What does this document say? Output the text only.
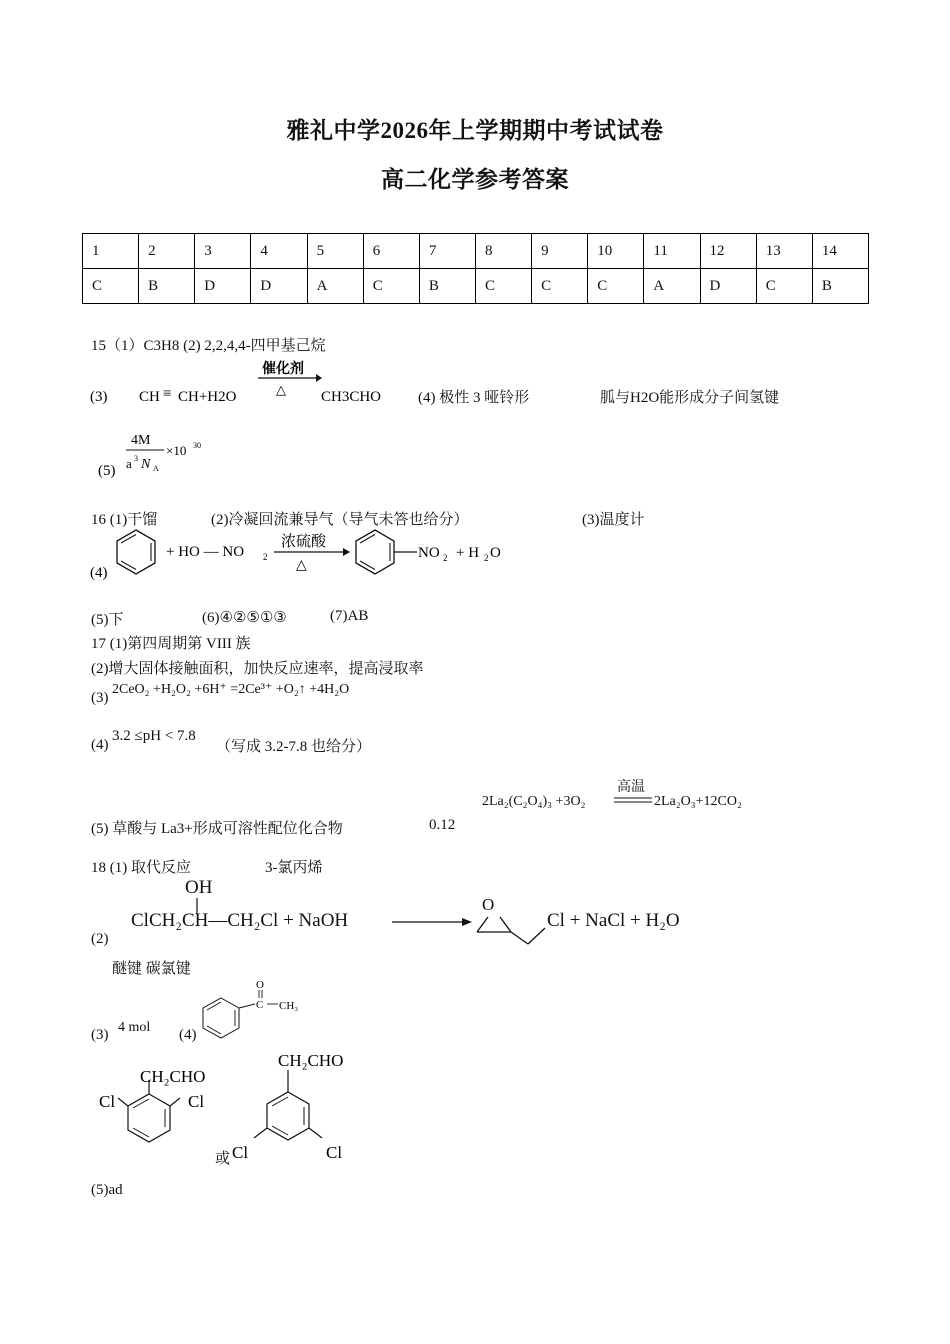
雅礼中学2026年上学期期中考试试卷
高二化学参考答案
1	2	3	4	5	6	7	8	9	10	11	12	13	14
C	B	D	D	A	C	B	C	C	C	A	D	C	B
15（1）C3H8 (2) 2,2,4,4-四甲基己烷
(3) CH ≡ CH+H2O
催化剂
△ CH3CHO (4) 极性 3 哑铃形	胍与H2O能形成分子间氢键
(5)
4M
a 3 N A
×10 30
16 (1)干馏	(2)冷凝回流兼导气（导气未答也给分）	(3)温度计
(4)
+ HO — NO 2
浓硫酸
△
NO 2 + H 2 O
(5)下	(6)④②⑤①③	(7)AB
17 (1)第四周期第 VIII 族
(2)增大固体接触面积，加快反应速率，提高浸取率
(3)
2CeO₂ +H₂O₂ +6H⁺ =2Ce³⁺ +O₂↑ +4H₂O
(4)
3.2 ≤pH < 7.8
（写成 3.2-7.8 也给分）
2La₂(C₂O₄)₃ +3O₂
高温
2La₂O₃+12CO₂
(5) 草酸与 La3+形成可溶性配位化合物	0.12
18 (1) 取代反应	3-氯丙烯
OH
ClCH₂CH—CH₂Cl + NaOH
O
Cl + NaCl + H₂O
(2)
醚键 碳氯键
(3) 4 mol (4)
O
C CH₃
CH₂CHO
Cl	Cl
CH₂CHO
或 Cl	Cl
(5)ad
